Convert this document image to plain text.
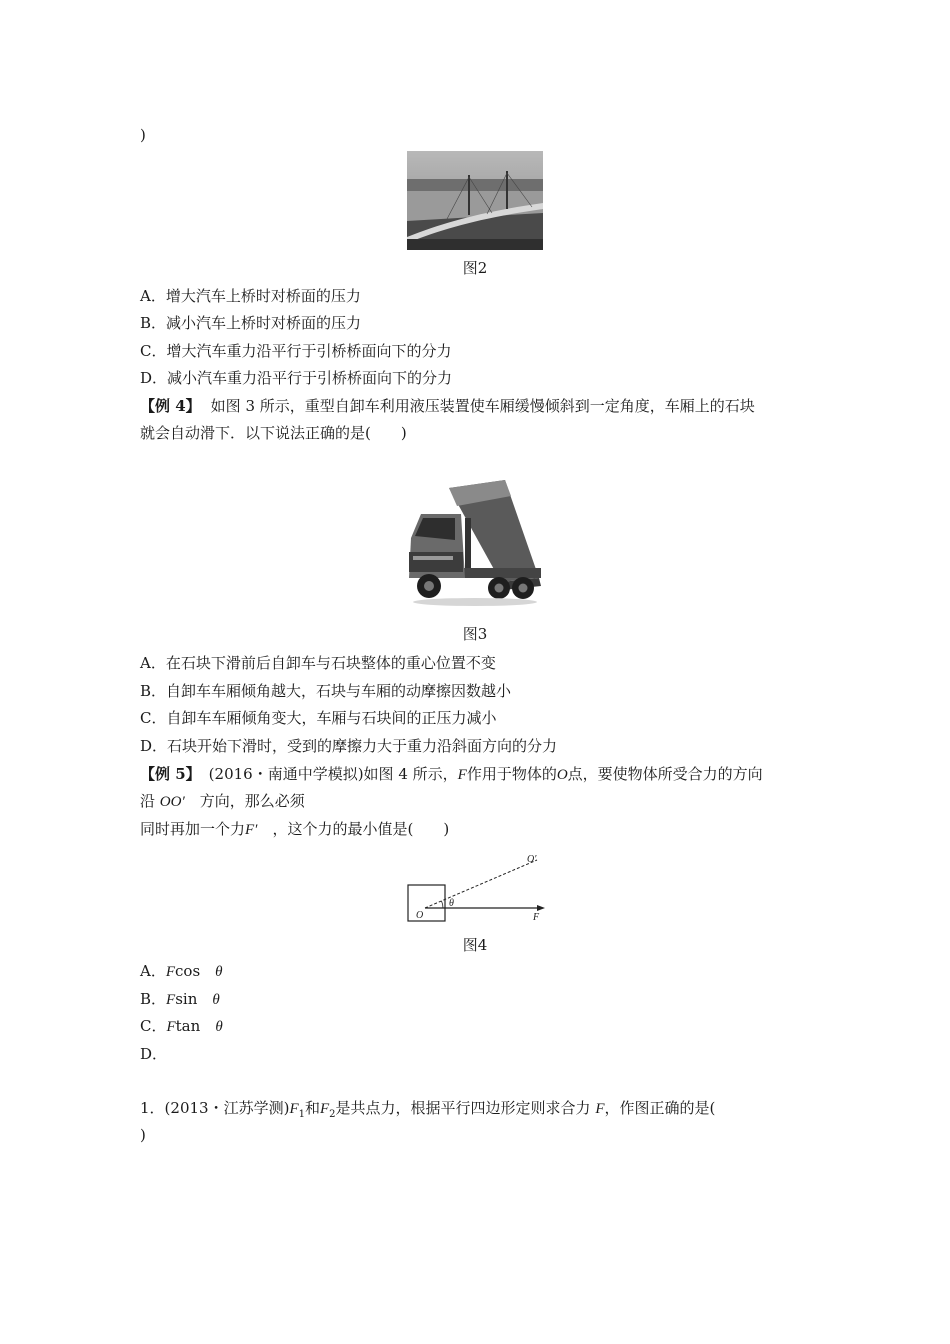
)
图2
A．增大汽车上桥时对桥面的压力
B．减小汽车上桥时对桥面的压力
C．增大汽车重力沿平行于引桥桥面向下的分力
D．减小汽车重力沿平行于引桥桥面向下的分力
【例 4】 如图 3 所示，重型自卸车利用液压装置使车厢缓慢倾斜到一定角度，车厢上的石块
就会自动滑下．以下说法正确的是(　　)
图3
A．在石块下滑前后自卸车与石块整体的重心位置不变
B．自卸车车厢倾角越大，石块与车厢的动摩擦因数越小
C．自卸车车厢倾角变大，车厢与石块间的正压力减小
D．石块开始下滑时，受到的摩擦力大于重力沿斜面方向的分力
【例 5】 (2016・南通中学模拟)如图 4 所示，F作用于物体的O点，要使物体所受合力的方向
沿 OO′　 方向，那么必须
同时再加一个力F′　 ，这个力的最小值是(　　)
O
O′
F
θ
图4
A．Fcos　 θ
B．Fsin　 θ
C．Ftan　 θ
D．
1．(2013・江苏学测)$F_1$和$F_2$是共点力，根据平行四边形定则求合力 F，作图正确的是(
)
